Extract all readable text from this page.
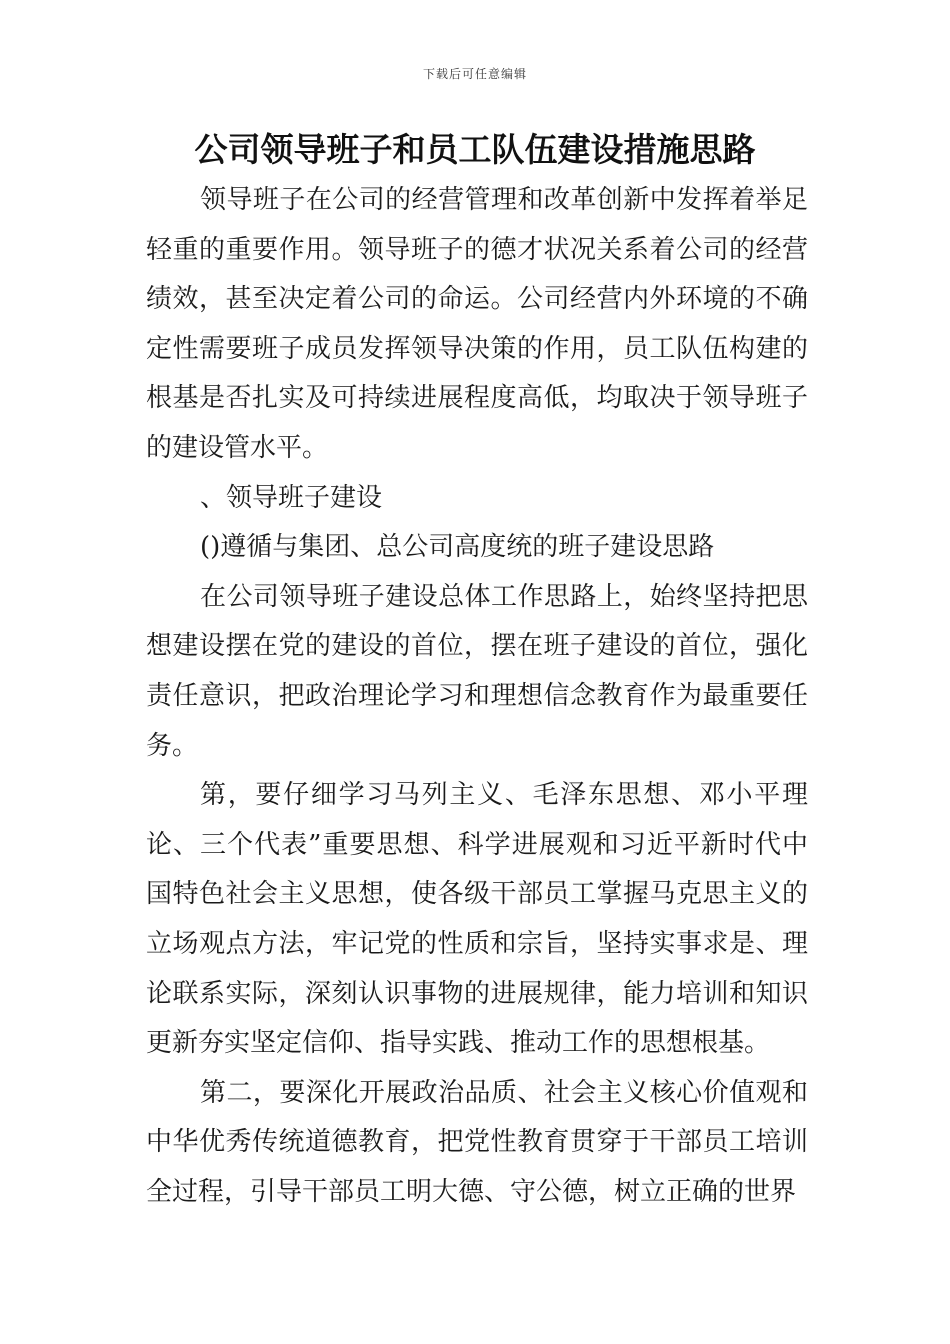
下载后可任意编辑
公司领导班子和员工队伍建设措施思路

领导班子在公司的经营管理和改革创新中发挥着举足轻重的重要作用。领导班子的德才状况关系着公司的经营绩效，甚至决定着公司的命运。公司经营内外环境的不确定性需要班子成员发挥领导决策的作用，员工队伍构建的根基是否扎实及可持续进展程度高低，均取决于领导班子的建设管水平。

、领导班子建设

()遵循与集团、总公司高度统的班子建设思路

在公司领导班子建设总体工作思路上，始终坚持把思想建设摆在党的建设的首位，摆在班子建设的首位，强化责任意识，把政治理论学习和理想信念教育作为最重要任务。

第，要仔细学习马列主义、毛泽东思想、邓小平理论、三个代表”重要思想、科学进展观和习近平新时代中国特色社会主义思想，使各级干部员工掌握马克思主义的立场观点方法，牢记党的性质和宗旨，坚持实事求是、理论联系实际，深刻认识事物的进展规律，能力培训和知识更新夯实坚定信仰、指导实践、推动工作的思想根基。

第二，要深化开展政治品质、社会主义核心价值观和中华优秀传统道德教育，把党性教育贯穿于干部员工培训全过程，引导干部员工明大德、守公德，树立正确的世界
